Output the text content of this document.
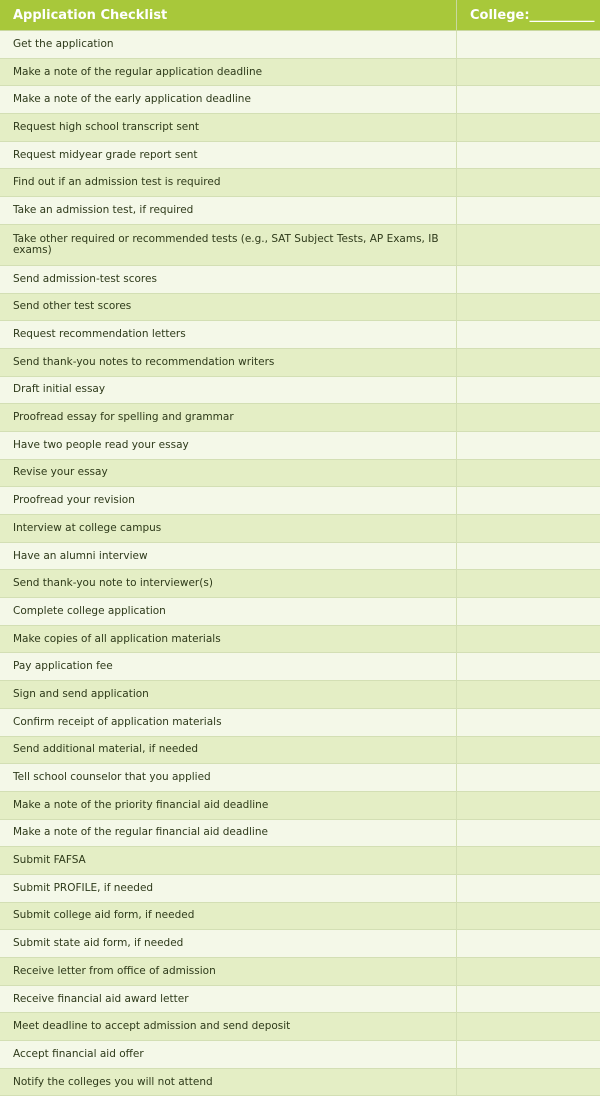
Application Checklist	College:__________
Get the application
Make a note of the regular application deadline
Make a note of the early application deadline
Request high school transcript sent
Request midyear grade report sent
Find out if an admission test is required
Take an admission test, if required
Take other required or recommended tests (e.g., SAT Subject Tests, AP Exams, IB exams)
Send admission-test scores
Send other test scores
Request recommendation letters
Send thank-you notes to recommendation writers
Draft initial essay
Proofread essay for spelling and grammar
Have two people read your essay
Revise your essay
Proofread your revision
Interview at college campus
Have an alumni interview
Send thank-you note to interviewer(s)
Complete college application
Make copies of all application materials
Pay application fee
Sign and send application
Confirm receipt of application materials
Send additional material, if needed
Tell school counselor that you applied
Make a note of the priority financial aid deadline
Make a note of the regular financial aid deadline
Submit FAFSA
Submit PROFILE, if needed
Submit college aid form, if needed
Submit state aid form, if needed
Receive letter from office of admission
Receive financial aid award letter
Meet deadline to accept admission and send deposit
Accept financial aid offer
Notify the colleges you will not attend
